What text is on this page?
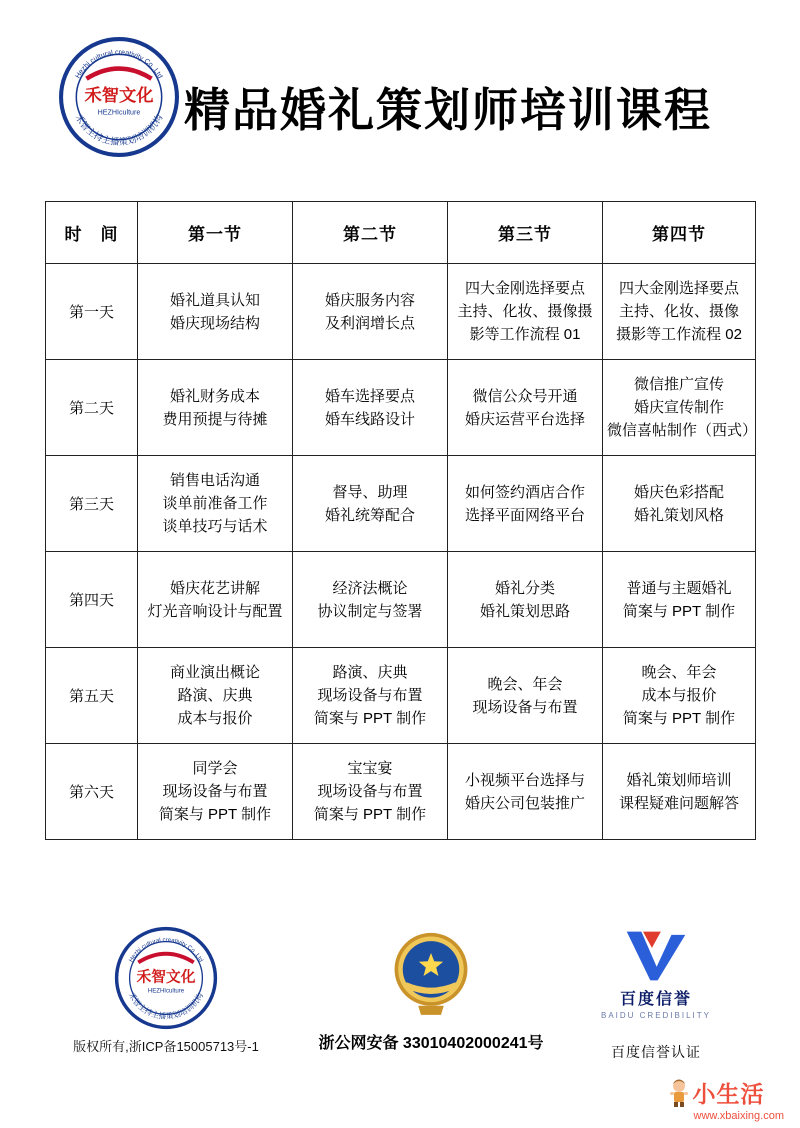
Hezhi cultural creativity Co.,Ltd
禾智主持主播策划培训机构
禾智文化
HEZHIculture 精品婚礼策划师培训课程
时　间	第一节	第二节	第三节	第四节
第一天	
婚礼道具认知
婚庆现场结构

婚庆服务内容
及利润增长点

四大金刚选择要点
主持、化妆、摄像摄
影等工作流程 01

四大金刚选择要点
主持、化妆、摄像
摄影等工作流程 02

第二天	
婚礼财务成本
费用预提与待摊

婚车选择要点
婚车线路设计

微信公众号开通
婚庆运营平台选择

微信推广宣传
婚庆宣传制作
微信喜帖制作（西式）

第三天	
销售电话沟通
谈单前准备工作
谈单技巧与话术

督导、助理
婚礼统筹配合

如何签约酒店合作
选择平面网络平台

婚庆色彩搭配
婚礼策划风格

第四天	
婚庆花艺讲解
灯光音响设计与配置

经济法概论
协议制定与签署

婚礼分类
婚礼策划思路

普通与主题婚礼
简案与 PPT 制作

第五天	
商业演出概论
路演、庆典
成本与报价

路演、庆典
现场设备与布置
简案与 PPT 制作

晚会、年会
现场设备与布置

晚会、年会
成本与报价
简案与 PPT 制作

第六天	
同学会
现场设备与布置
简案与 PPT 制作

宝宝宴
现场设备与布置
简案与 PPT 制作

小视频平台选择与
婚庆公司包装推广

婚礼策划师培训
课程疑难问题解答
Hezhi cultural creativity Co.,Ltd
禾智主持主播策划培训机构
禾智文化
HEZHIculture
版权所有,浙ICP备15005713号-1	浙公网安备 33010402000241号
百度信誉
BAIDU CREDIBILITY
百度信誉认证
小生活
www.xbaixing.com
